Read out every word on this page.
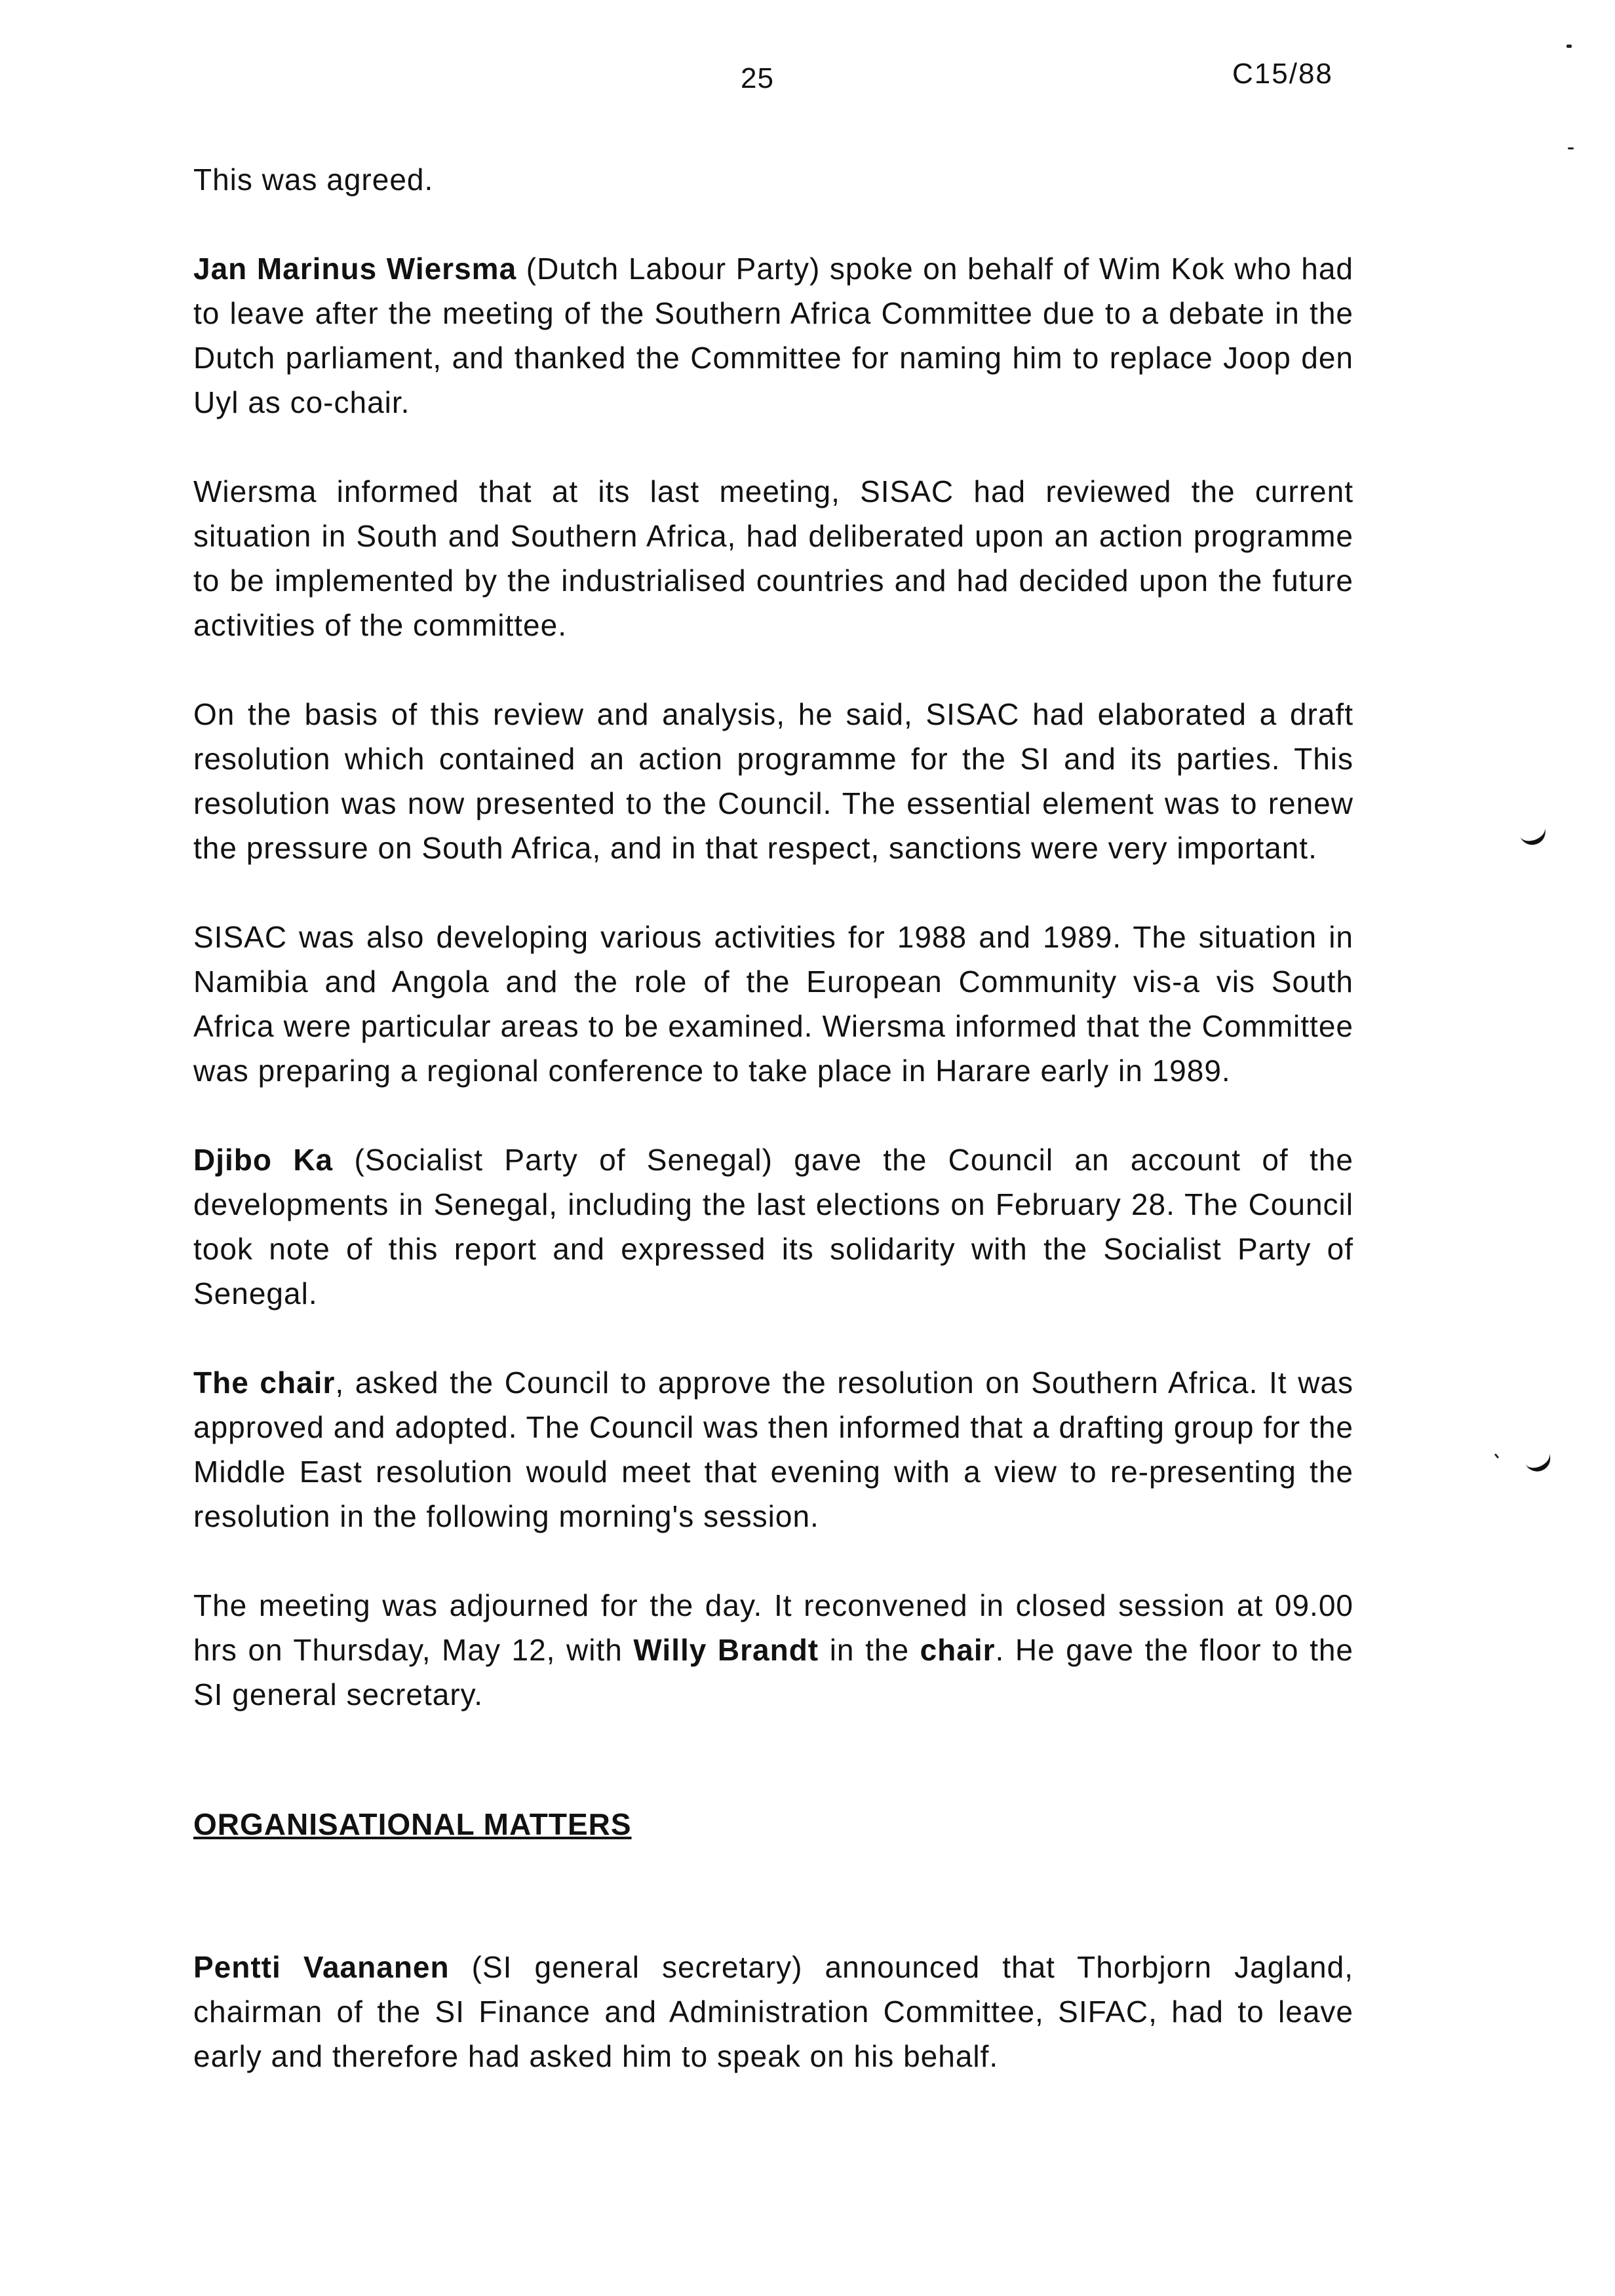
25	C15/88

This was agreed.

Jan Marinus Wiersma (Dutch Labour Party) spoke on behalf of Wim Kok who had to leave after the meeting of the Southern Africa Committee due to a debate in the Dutch parliament, and thanked the Committee for naming him to replace Joop den Uyl as co-chair.

Wiersma informed that at its last meeting, SISAC had reviewed the current situation in South and Southern Africa, had deliberated upon an action programme to be implemented by the industrialised countries and had decided upon the future activities of the committee.

On the basis of this review and analysis, he said, SISAC had elaborated a draft resolution which contained an action programme for the SI and its parties. This resolution was now presented to the Council. The essential element was to renew the pressure on South Africa, and in that respect, sanctions were very important.

SISAC was also developing various activities for 1988 and 1989. The situation in Namibia and Angola and the role of the European Community vis-a vis South Africa were particular areas to be examined. Wiersma informed that the Committee was preparing a regional conference to take place in Harare early in 1989.

Djibo Ka (Socialist Party of Senegal) gave the Council an account of the developments in Senegal, including the last elections on February 28. The Council took note of this report and expressed its solidarity with the Socialist Party of Senegal.

The chair, asked the Council to approve the resolution on Southern Africa. It was approved and adopted. The Council was then informed that a drafting group for the Middle East resolution would meet that evening with a view to re-presenting the resolution in the following morning's session.

The meeting was adjourned for the day. It reconvened in closed session at 09.00 hrs on Thursday, May 12, with Willy Brandt in the chair. He gave the floor to the SI general secretary.

ORGANISATIONAL MATTERS

Pentti Vaananen (SI general secretary) announced that Thorbjorn Jagland, chairman of the SI Finance and Administration Committee, SIFAC, had to leave early and therefore had asked him to speak on his behalf.
